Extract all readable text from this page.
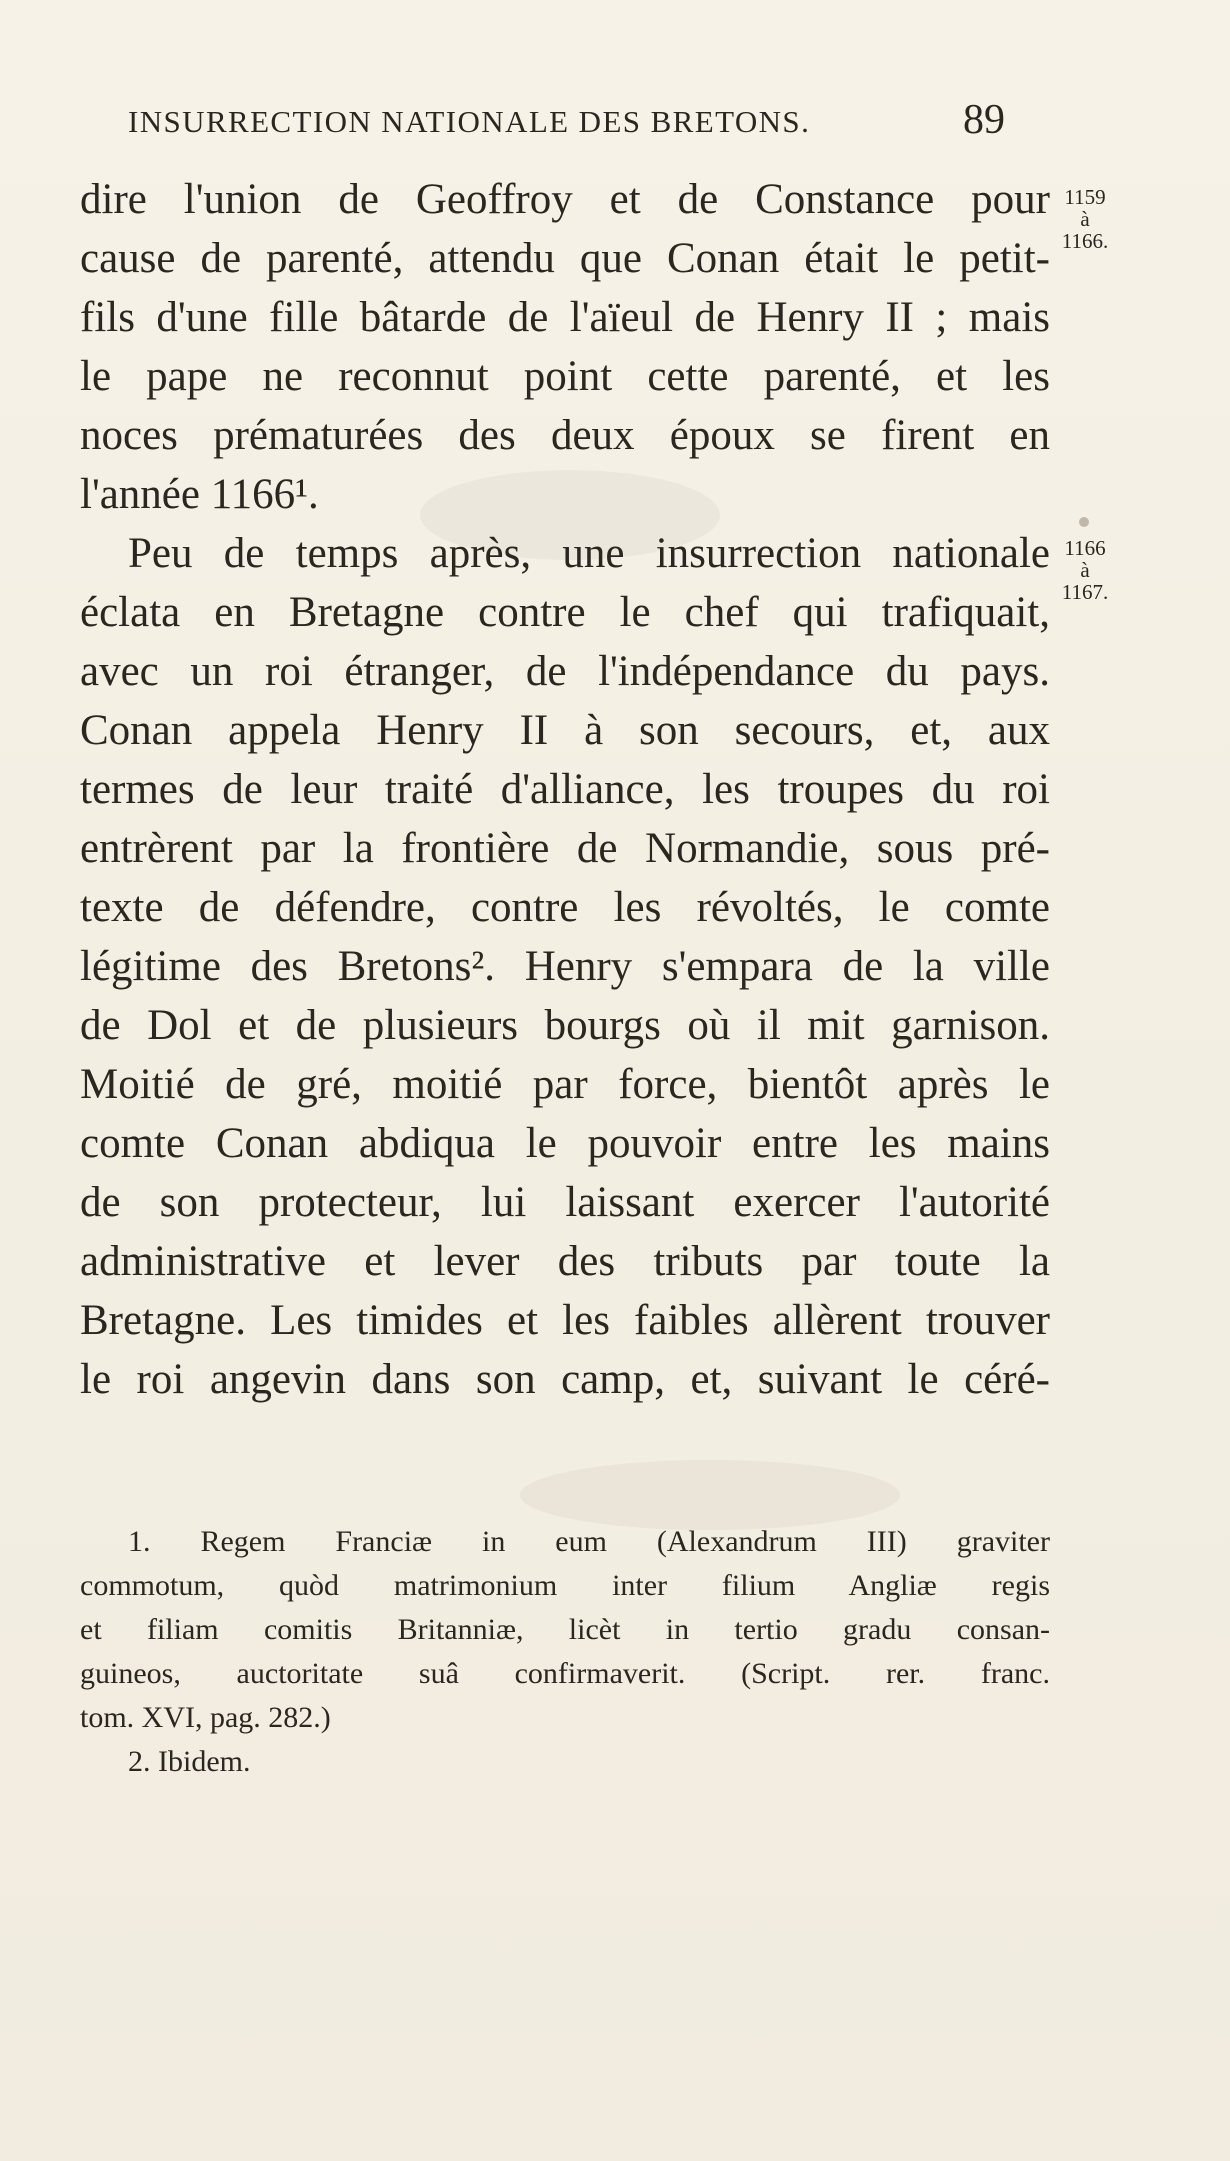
INSURRECTION NATIONALE DES BRETONS.	89
1159
à
1166.
1166
à
1167.
dire l'union de Geoffroy et de Constance pour
cause de parenté, attendu que Conan était le petit-
fils d'une fille bâtarde de l'aïeul de Henry II ; mais
le pape ne reconnut point cette parenté, et les
noces prématurées des deux époux se firent en
l'année 1166¹.
Peu de temps après, une insurrection nationale
éclata en Bretagne contre le chef qui trafiquait,
avec un roi étranger, de l'indépendance du pays.
Conan appela Henry II à son secours, et, aux
termes de leur traité d'alliance, les troupes du roi
entrèrent par la frontière de Normandie, sous pré-
texte de défendre, contre les révoltés, le comte
légitime des Bretons². Henry s'empara de la ville
de Dol et de plusieurs bourgs où il mit garnison.
Moitié de gré, moitié par force, bientôt après le
comte Conan abdiqua le pouvoir entre les mains
de son protecteur, lui laissant exercer l'autorité
administrative et lever des tributs par toute la
Bretagne. Les timides et les faibles allèrent trouver
le roi angevin dans son camp, et, suivant le céré-
1. Regem Franciæ in eum (Alexandrum III) graviter
commotum, quòd matrimonium inter filium Angliæ regis
et filiam comitis Britanniæ, licèt in tertio gradu consan-
guineos, auctoritate suâ confirmaverit. (Script. rer. franc.
tom. XVI, pag. 282.)
2. Ibidem.
